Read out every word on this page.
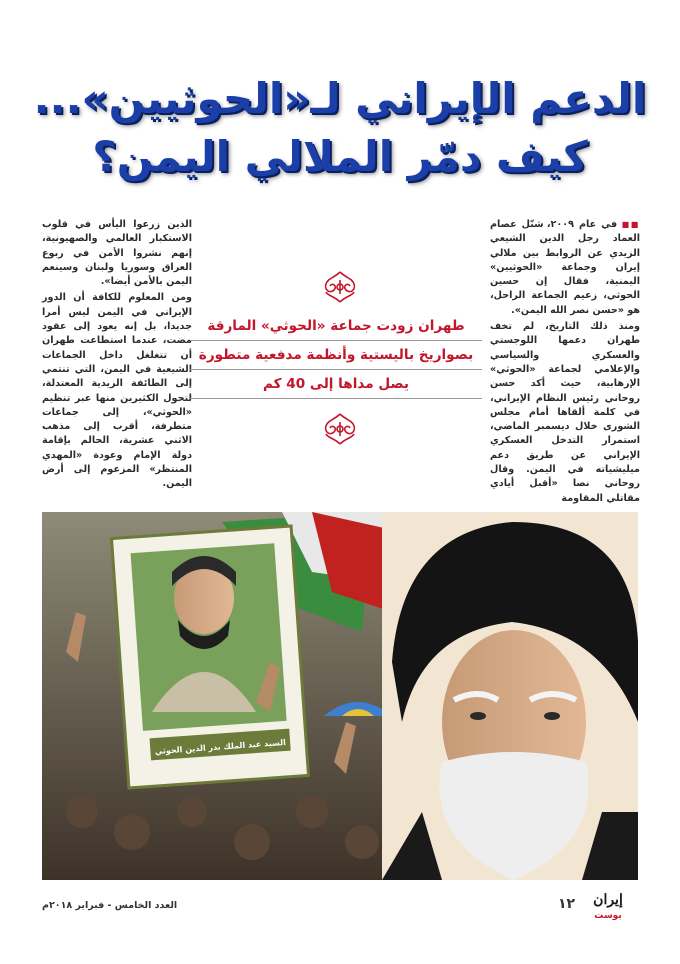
الدعم الإيراني لـ«الحوثيين»...
كيف دمّر الملالي اليمن؟

■■ في عام ٢٠٠٩، شنّل عصام العماد رجل الدين الشيعي الزيدي عن الروابط بين ملالي إيران وجماعة «الحوثيين» اليمنية، فقال إن حسين الحوثي، زعيم الجماعة الراحل، هو «حسن نصر الله اليمن».

ومنذ ذلك التاريخ، لم تخف طهران دعمها اللوجستي والعسكري والسياسي والإعلامي لجماعة «الحوثي» الإرهابية، حيث أكد حسن روحاني رئيس النظام الإيراني، في كلمة ألقاها أمام مجلس الشورى خلال ديسمبر الماضي، استمرار التدخل العسكري الإيراني عن طريق دعم ميليشياته في اليمن. وقال روحاني نصا «أقبل أيادي مقاتلي المقاومة

الذين زرعوا اليأس في قلوب الاستكبار العالمي والصهيونية، إنهم نشروا الأمن في ربوع العراق وسوريا ولبنان وسينعم اليمن بالأمن أيضا».

ومن المعلوم للكافة أن الدور الإيراني في اليمن ليس أمرا جديدا، بل إنه يعود إلى عقود مضت، عندما استطاعت طهران أن تتغلغل داخل الجماعات الشيعية في اليمن، التي تنتمي إلى الطائفة الزيدية المعتدلة، لتحول الكثيرين منها عبر تنظيم «الحوثي»، إلى جماعات متطرفة، أقرب إلى مذهب الاثني عشرية، الحالم بإقامة دولة الإمام وعودة «المهدي المنتظر» المزعوم إلى أرض اليمن.

طهران زودت جماعة «الحوثي» المارقة
بصواريخ باليستية وأنظمة مدفعية متطورة
يصل مداها إلى 40 كم
السيد عبد الملك بدر الدين الحوثي
العدد الخامس - فبراير ٢٠١٨م	١٢ إيران
بوست
